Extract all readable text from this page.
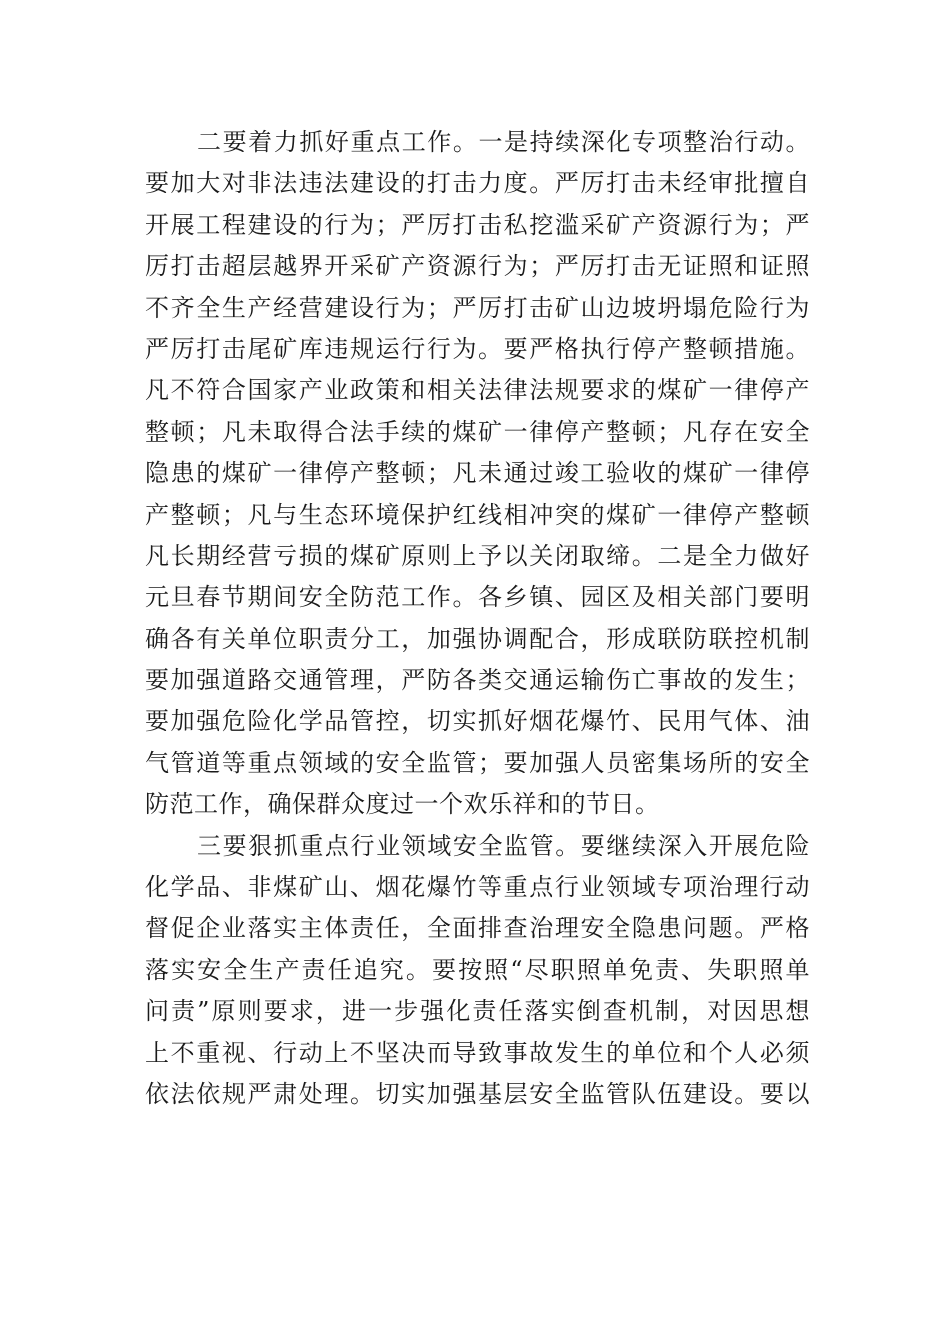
二要着力抓好重点工作。一是持续深化专项整治行动。
要加大对非法违法建设的打击力度。严厉打击未经审批擅自
开展工程建设的行为；严厉打击私挖滥采矿产资源行为；严
厉打击超层越界开采矿产资源行为；严厉打击无证照和证照
不齐全生产经营建设行为；严厉打击矿山边坡坍塌危险行为
严厉打击尾矿库违规运行行为。要严格执行停产整顿措施。
凡不符合国家产业政策和相关法律法规要求的煤矿一律停产
整顿；凡未取得合法手续的煤矿一律停产整顿；凡存在安全
隐患的煤矿一律停产整顿；凡未通过竣工验收的煤矿一律停
产整顿；凡与生态环境保护红线相冲突的煤矿一律停产整顿
凡长期经营亏损的煤矿原则上予以关闭取缔。二是全力做好
元旦春节期间安全防范工作。各乡镇、园区及相关部门要明
确各有关单位职责分工，加强协调配合，形成联防联控机制
要加强道路交通管理，严防各类交通运输伤亡事故的发生；
要加强危险化学品管控，切实抓好烟花爆竹、民用气体、油
气管道等重点领域的安全监管；要加强人员密集场所的安全
防范工作，确保群众度过一个欢乐祥和的节日。
三要狠抓重点行业领域安全监管。要继续深入开展危险
化学品、非煤矿山、烟花爆竹等重点行业领域专项治理行动
督促企业落实主体责任，全面排查治理安全隐患问题。严格
落实安全生产责任追究。要按照“尽职照单免责、失职照单
问责”原则要求，进一步强化责任落实倒查机制，对因思想
上不重视、行动上不坚决而导致事故发生的单位和个人必须
依法依规严肃处理。切实加强基层安全监管队伍建设。要以
